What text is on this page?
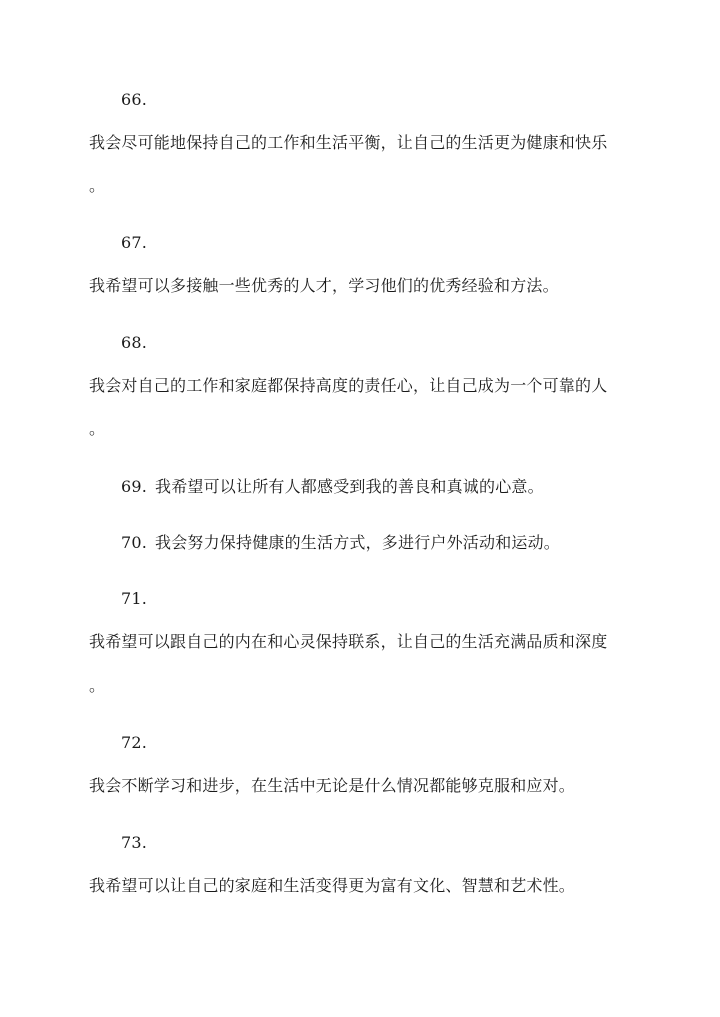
66.
我会尽可能地保持自己的工作和生活平衡，让自己的生活更为健康和快乐
。
67.
我希望可以多接触一些优秀的人才，学习他们的优秀经验和方法。
68.
我会对自己的工作和家庭都保持高度的责任心，让自己成为一个可靠的人
。
69. 我希望可以让所有人都感受到我的善良和真诚的心意。
70. 我会努力保持健康的生活方式，多进行户外活动和运动。
71.
我希望可以跟自己的内在和心灵保持联系，让自己的生活充满品质和深度
。
72.
我会不断学习和进步，在生活中无论是什么情况都能够克服和应对。
73.
我希望可以让自己的家庭和生活变得更为富有文化、智慧和艺术性。
